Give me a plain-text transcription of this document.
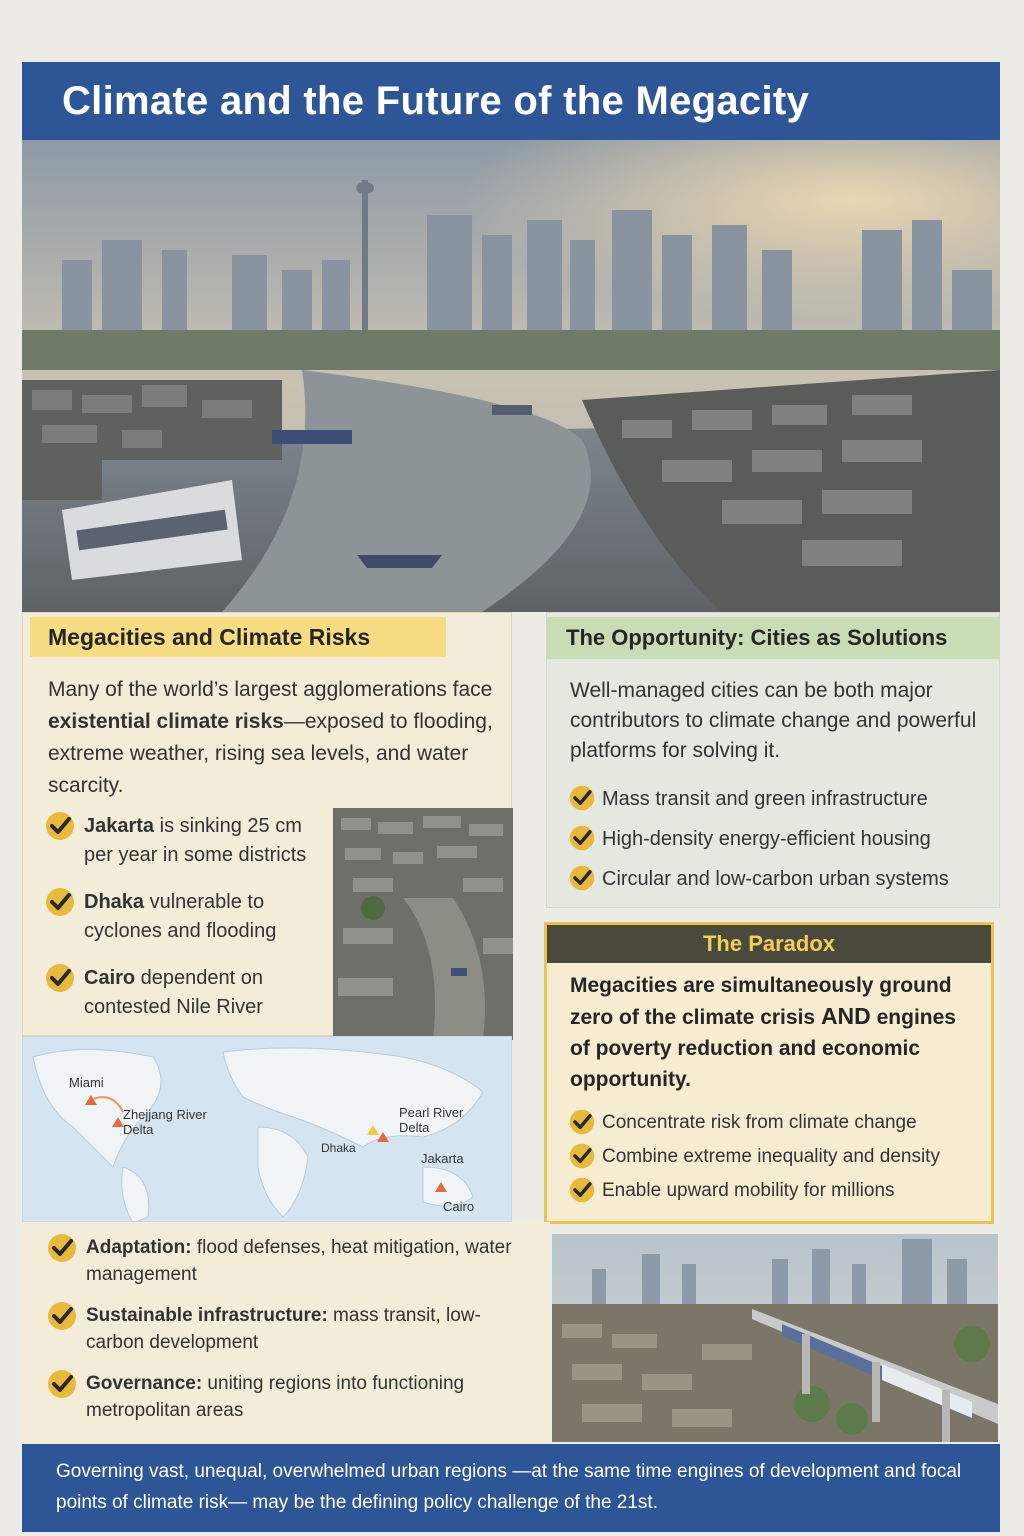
Climate and the Future of the Megacity
Megacities and Climate Risks

Many of the world’s largest agglomerations face existential climate risks—exposed to flooding, extreme weather, rising sea levels, and water scarcity.

Jakarta is sinking 25 cm per year in some districts
Dhaka vulnerable to cyclones and flooding
Cairo dependent on contested Nile River
Miami
Zhejjang River Delta
Pearl River Delta
Dhaka
Jakarta
Cairo
The Opportunity: Cities as Solutions

Well-managed cities can be both major contributors to climate change and powerful platforms for solving it.

Mass transit and green infrastructure
High-density energy-efficient housing
Circular and low-carbon urban systems
The Paradox

Megacities are simultaneously ground zero of the climate crisis AND engines of poverty reduction and economic opportunity.

Concentrate risk from climate change
Combine extreme inequality and density
Enable upward mobility for millions
Adaptation: flood defenses, heat mitigation, water management
Sustainable infrastructure: mass transit, low-carbon development
Governance: uniting regions into functioning metropolitan areas

Governing vast, unequal, overwhelmed urban regions —at the same time engines of development and focal points of climate risk— may be the defining policy challenge of the 21st.
